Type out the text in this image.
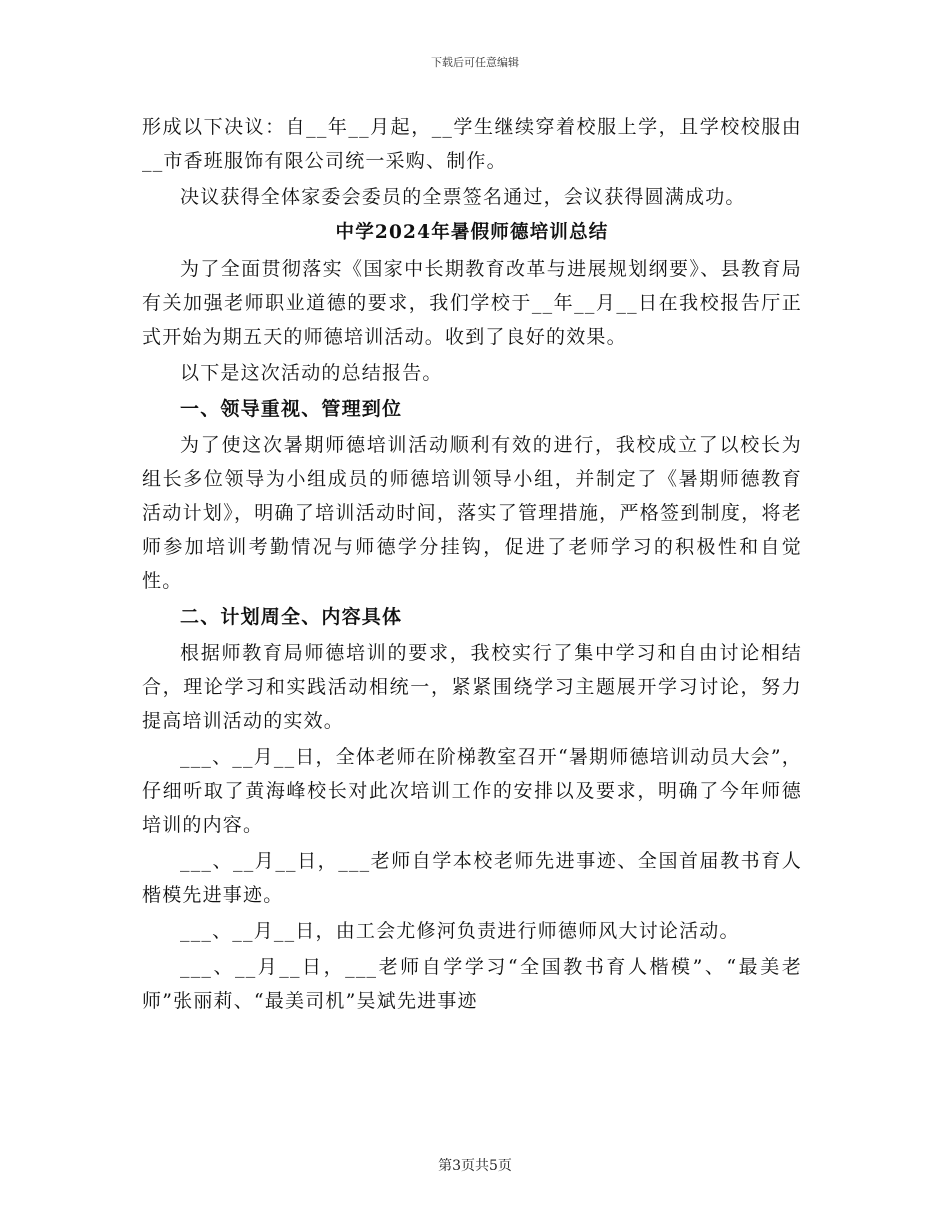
下载后可任意编辑

形成以下决议：自__年__月起，__学生继续穿着校服上学，且学校校服由__市香班服饰有限公司统一采购、制作。

决议获得全体家委会委员的全票签名通过，会议获得圆满成功。

中学2024年暑假师德培训总结

为了全面贯彻落实《国家中长期教育改革与进展规划纲要》、县教育局有关加强老师职业道德的要求，我们学校于__年__月__日在我校报告厅正式开始为期五天的师德培训活动。收到了良好的效果。

以下是这次活动的总结报告。

一、领导重视、管理到位

为了使这次暑期师德培训活动顺利有效的进行，我校成立了以校长为组长多位领导为小组成员的师德培训领导小组，并制定了《暑期师德教育活动计划》，明确了培训活动时间，落实了管理措施，严格签到制度，将老师参加培训考勤情况与师德学分挂钩，促进了老师学习的积极性和自觉性。

二、计划周全、内容具体

根据师教育局师德培训的要求，我校实行了集中学习和自由讨论相结合，理论学习和实践活动相统一，紧紧围绕学习主题展开学习讨论，努力提高培训活动的实效。

___、__月__日，全体老师在阶梯教室召开“暑期师德培训动员大会”，仔细听取了黄海峰校长对此次培训工作的安排以及要求，明确了今年师德培训的内容。

___、__月__日，___老师自学本校老师先进事迹、全国首届教书育人楷模先进事迹。

___、__月__日，由工会尤修河负责进行师德师风大讨论活动。

___、__月__日，___老师自学学习“全国教书育人楷模”、“最美老师”张丽莉、“最美司机”吴斌先进事迹

第3页共5页
